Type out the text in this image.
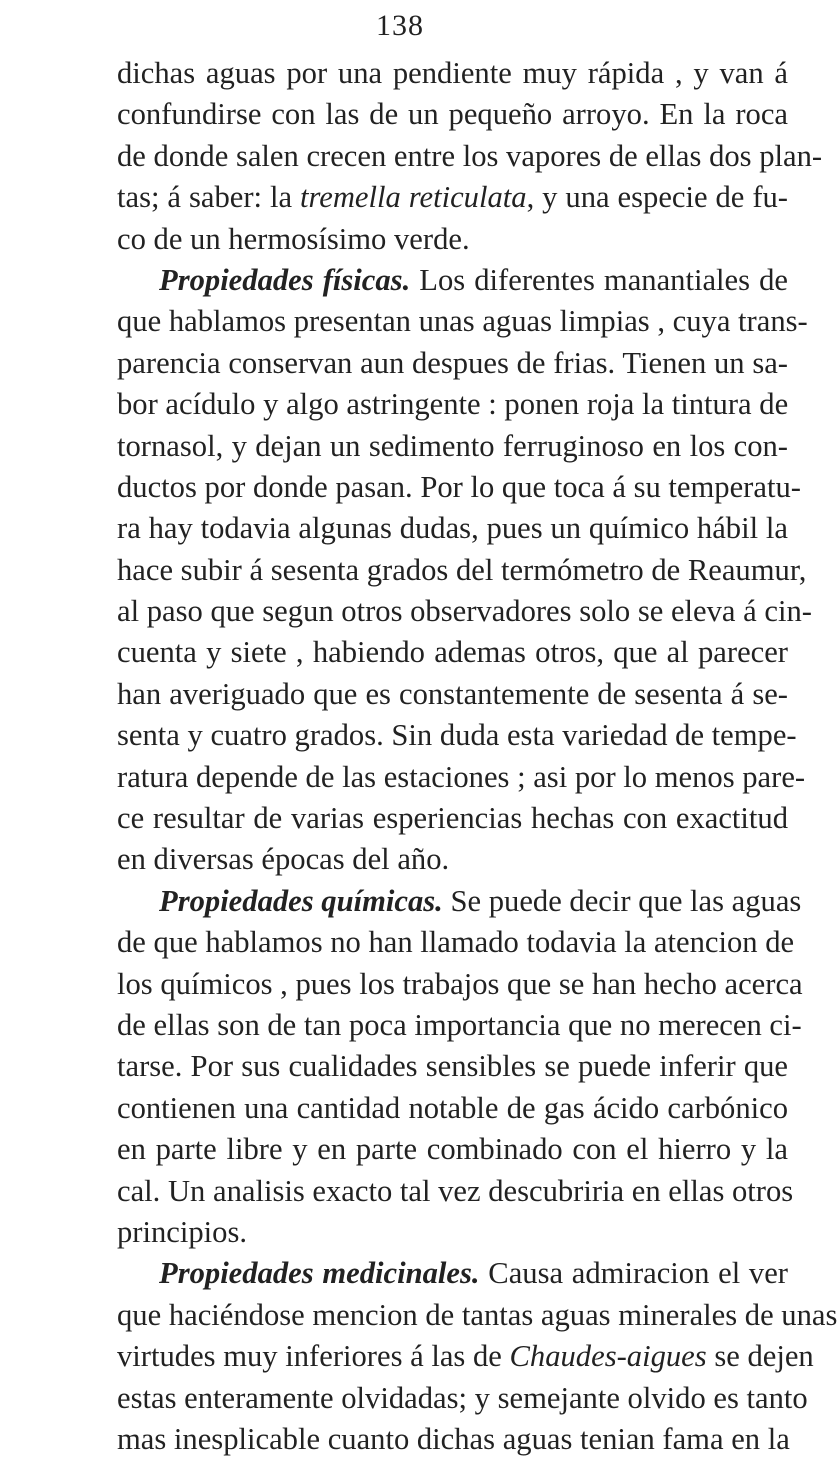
138
dichas aguas por una pendiente muy rápida , y van á
confundirse con las de un pequeño arroyo. En la roca
de donde salen crecen entre los vapores de ellas dos plan-
tas; á saber: la tremella reticulata, y una especie de fu-
co de un hermosísimo verde.
Propiedades físicas. Los diferentes manantiales de
que hablamos presentan unas aguas limpias , cuya trans-
parencia conservan aun despues de frias. Tienen un sa-
bor acídulo y algo astringente : ponen roja la tintura de
tornasol, y dejan un sedimento ferruginoso en los con-
ductos por donde pasan. Por lo que toca á su temperatu-
ra hay todavia algunas dudas, pues un químico hábil la
hace subir á sesenta grados del termómetro de Reaumur,
al paso que segun otros observadores solo se eleva á cin-
cuenta y siete , habiendo ademas otros, que al parecer
han averiguado que es constantemente de sesenta á se-
senta y cuatro grados. Sin duda esta variedad de tempe-
ratura depende de las estaciones ; asi por lo menos pare-
ce resultar de varias esperiencias hechas con exactitud
en diversas épocas del año.
Propiedades químicas. Se puede decir que las aguas
de que hablamos no han llamado todavia la atencion de
los químicos , pues los trabajos que se han hecho acerca
de ellas son de tan poca importancia que no merecen ci-
tarse. Por sus cualidades sensibles se puede inferir que
contienen una cantidad notable de gas ácido carbónico
en parte libre y en parte combinado con el hierro y la
cal. Un analisis exacto tal vez descubriria en ellas otros
principios.
Propiedades medicinales. Causa admiracion el ver
que haciéndose mencion de tantas aguas minerales de unas
virtudes muy inferiores á las de Chaudes-aigues se dejen
estas enteramente olvidadas; y semejante olvido es tanto
mas inesplicable cuanto dichas aguas tenian fama en la
